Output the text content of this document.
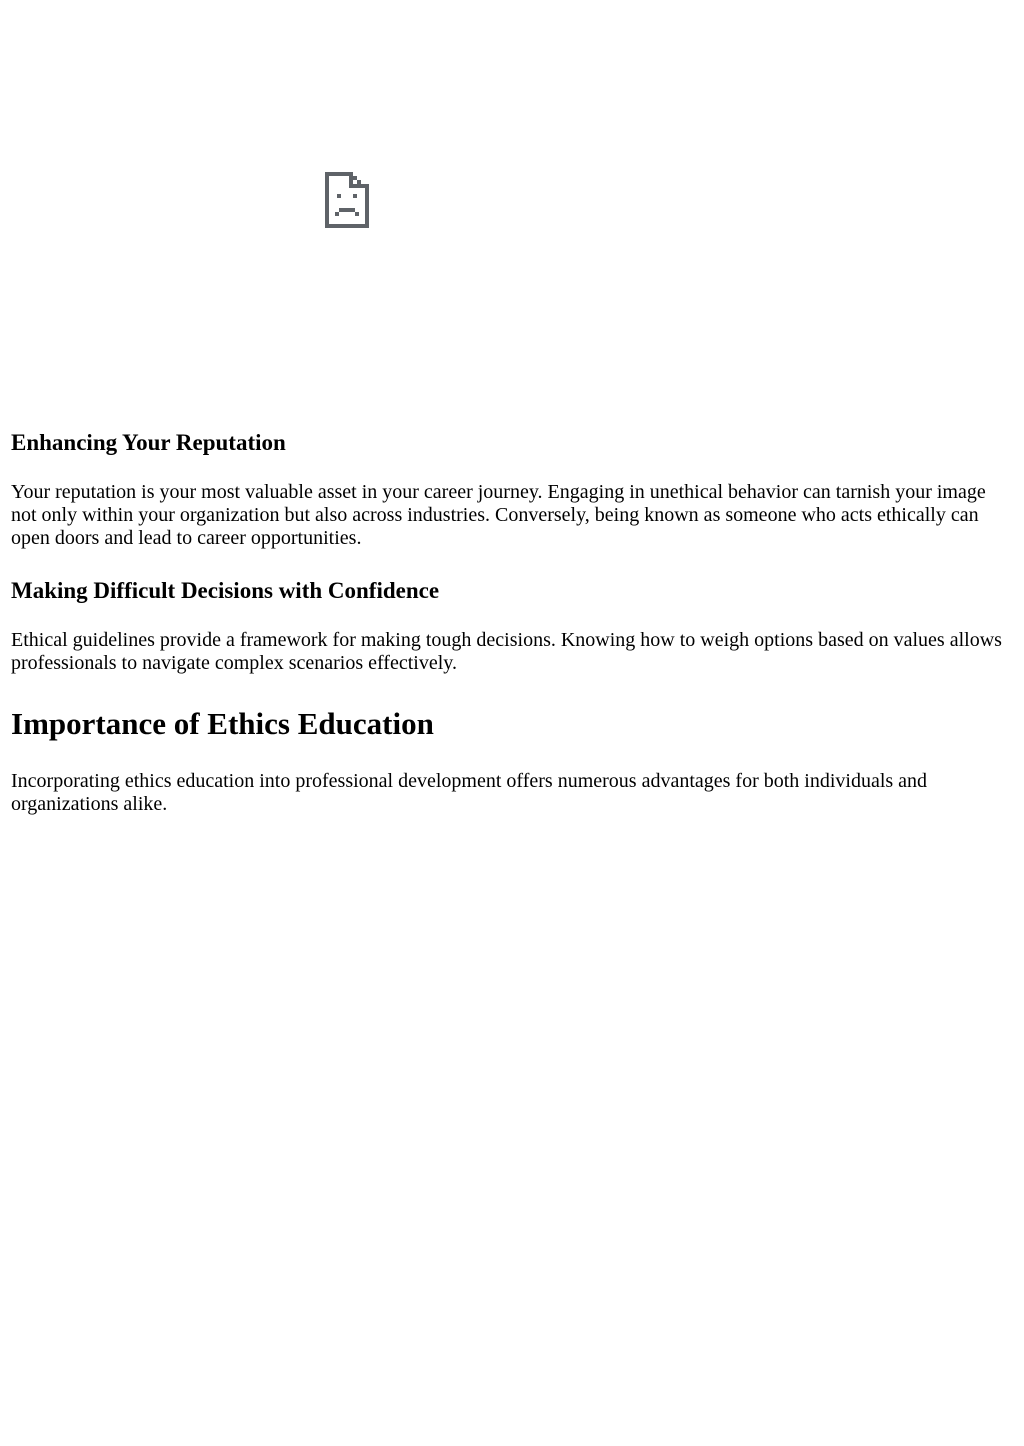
Enhancing Your Reputation

Your reputation is your most valuable asset in your career journey. Engaging in unethical behavior can tarnish your image not only within your organization but also across industries. Conversely, being known as someone who acts ethically can open doors and lead to career opportunities.

Making Difficult Decisions with Confidence

Ethical guidelines provide a framework for making tough decisions. Knowing how to weigh options based on values allows professionals to navigate complex scenarios effectively.

Importance of Ethics Education

Incorporating ethics education into professional development offers numerous advantages for both individuals and organizations alike.
